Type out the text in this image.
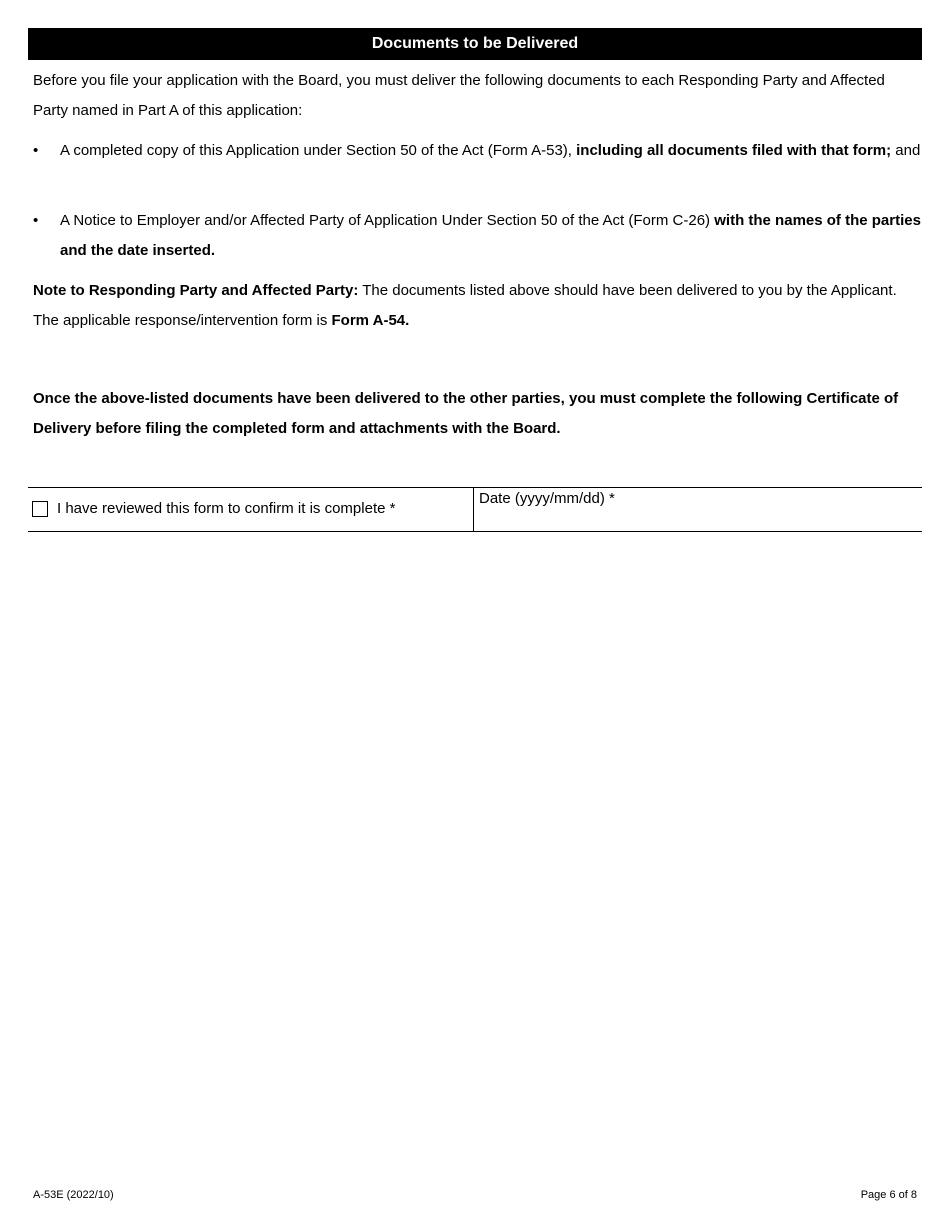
Documents to be Delivered

Before you file your application with the Board, you must deliver the following documents to each Responding Party and Affected Party named in Part A of this application:

• A completed copy of this Application under Section 50 of the Act (Form A-53), including all documents filed with that form; and
• A Notice to Employer and/or Affected Party of Application Under Section 50 of the Act (Form C-26) with the names of the parties and the date inserted.

Note to Responding Party and Affected Party: The documents listed above should have been delivered to you by the Applicant. The applicable response/intervention form is Form A-54.

Once the above-listed documents have been delivered to the other parties, you must complete the following Certificate of Delivery before filing the completed form and attachments with the Board.

I have reviewed this form to confirm it is complete *
Date (yyyy/mm/dd) *
A-53E (2022/10)	Page 6 of 8
